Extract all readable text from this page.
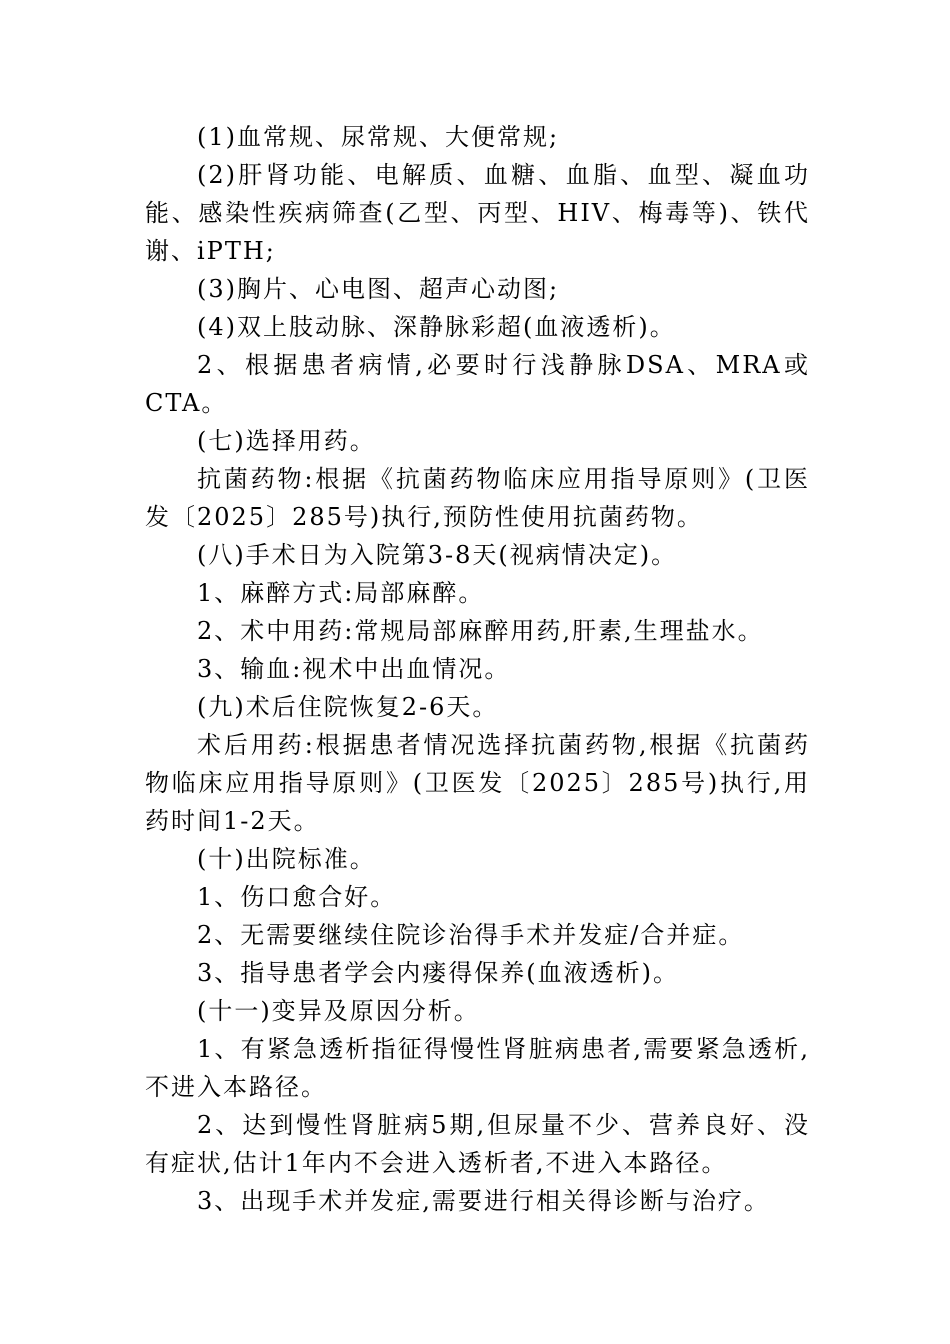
(1)血常规、尿常规、大便常规;

(2)肝肾功能、电解质、血糖、血脂、血型、凝血功能、感染性疾病筛查(乙型、丙型、HIV、梅毒等)、铁代谢、iPTH;

(3)胸片、心电图、超声心动图;

(4)双上肢动脉、深静脉彩超(血液透析)。

2、根据患者病情,必要时行浅静脉DSA、MRA或CTA。

(七)选择用药。

抗菌药物:根据《抗菌药物临床应用指导原则》(卫医发〔2025〕285号)执行,预防性使用抗菌药物。

(八)手术日为入院第3-8天(视病情决定)。

1、麻醉方式:局部麻醉。

2、术中用药:常规局部麻醉用药,肝素,生理盐水。

3、输血:视术中出血情况。

(九)术后住院恢复2-6天。

术后用药:根据患者情况选择抗菌药物,根据《抗菌药物临床应用指导原则》(卫医发〔2025〕285号)执行,用药时间1-2天。

(十)出院标准。

1、伤口愈合好。

2、无需要继续住院诊治得手术并发症/合并症。

3、指导患者学会内瘘得保养(血液透析)。

(十一)变异及原因分析。

1、有紧急透析指征得慢性肾脏病患者,需要紧急透析,不进入本路径。

2、达到慢性肾脏病5期,但尿量不少、营养良好、没有症状,估计1年内不会进入透析者,不进入本路径。

3、出现手术并发症,需要进行相关得诊断与治疗。
